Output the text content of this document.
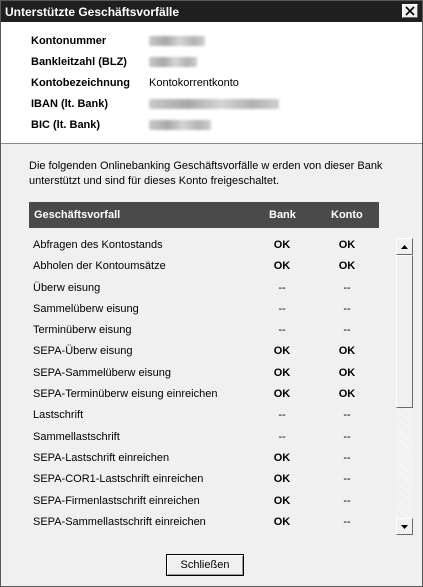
Unterstützte Geschäftsvorfälle
Kontonummer
Bankleitzahl (BLZ)
Kontobezeichnung	Kontokorrentkonto
IBAN (lt. Bank)
BIC (lt. Bank)
Die folgenden Onlinebanking Geschäftsvorfälle w erden von dieser Bank unterstützt und sind für dieses Konto freigeschaltet.
Geschäftsvorfall	Bank	Konto
Abfragen des Kontostands	OK	OK
Abholen der Kontoumsätze	OK	OK
Überw eisung	--	--
Sammelüberw eisung	--	--
Terminüberw eisung	--	--
SEPA-Überw eisung	OK	OK
SEPA-Sammelüberw eisung	OK	OK
SEPA-Terminüberw eisung einreichen	OK	OK
Lastschrift	--	--
Sammellastschrift	--	--
SEPA-Lastschrift einreichen	OK	--
SEPA-COR1-Lastschrift einreichen	OK	--
SEPA-Firmenlastschrift einreichen	OK	--
SEPA-Sammellastschrift einreichen	OK	--
Schließen
